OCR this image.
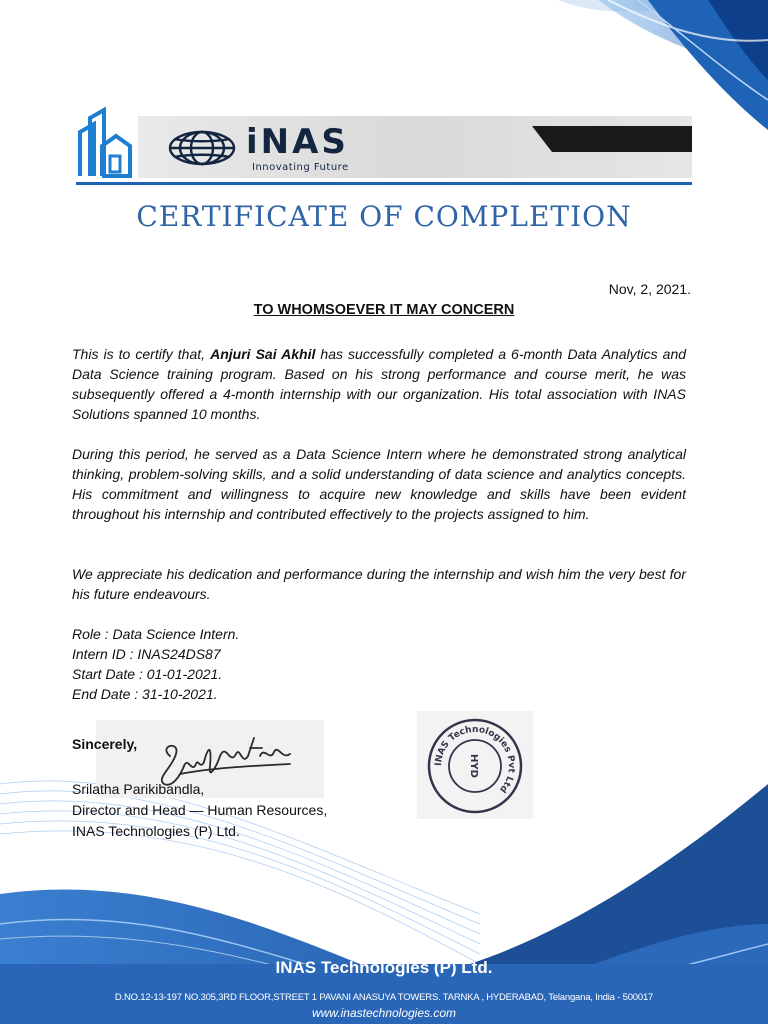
iNAS
Innovating Future
CERTIFICATE OF COMPLETION
Nov, 2, 2021.
TO WHOMSOEVER IT MAY CONCERN
This is to certify that, Anjuri Sai Akhil has successfully completed a 6-month Data Analytics and Data Science training program. Based on his strong performance and course merit, he was subsequently offered a 4-month internship with our organization. His total association with INAS Solutions spanned 10 months.
During this period, he served as a Data Science Intern where he demonstrated strong analytical thinking, problem-solving skills, and a solid understanding of data science and analytics concepts. His commitment and willingness to acquire new knowledge and skills have been evident throughout his internship and contributed effectively to the projects assigned to him.
We appreciate his dedication and performance during the internship and wish him the very best for his future endeavours.
Role : Data Science Intern.
Intern ID : INAS24DS87
Start Date : 01-01-2021.
End Date : 31-10-2021.
Sincerely,
Srilatha Parikibandla,
Director and Head — Human Resources,
INAS Technologies (P) Ltd.
INAS Technologies Pvt Ltd
HYD
INAS Technologies (P) Ltd.
D.NO.12-13-197 NO.305,3RD FLOOR,STREET 1 PAVANI ANASUYA TOWERS. TARNKA , HYDERABAD, Telangana, India - 500017
www.inastechnologies.com
